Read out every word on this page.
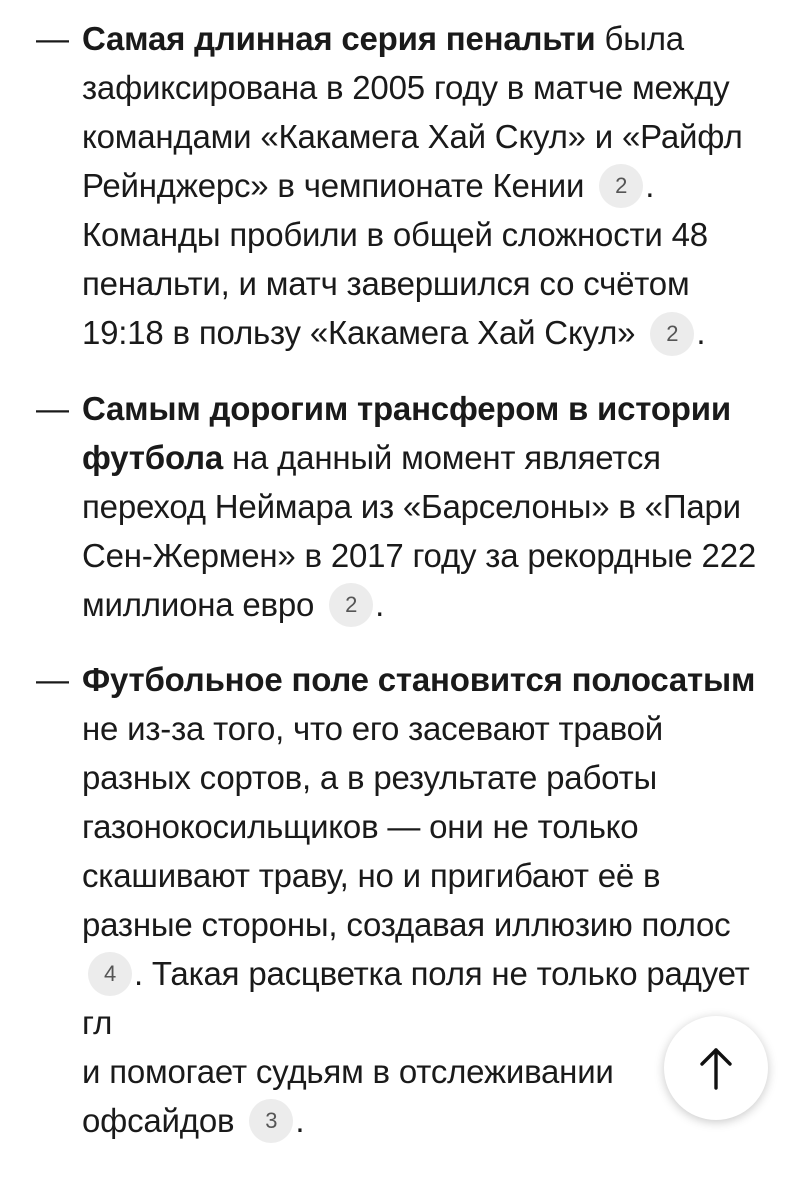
— Самая длинная серия пенальти была зафиксирована в 2005 году в матче между командами «Какамега Хай Скул» и «Райфл Рейнджерс» в чемпионате Кении 2 . Команды пробили в общей сложности 48 пенальти, и матч завершился со счётом 19:18 в пользу «Какамега Хай Скул» 2 .

— Самым дорогим трансфером в истории футбола на данный момент является переход Неймара из «Барселоны» в «Пари Сен-Жермен» в 2017 году за рекордные 222 миллиона евро 2 .

— Футбольное поле становится полосатым не из-за того, что его засевают травой разных сортов, а в результате работы газонокосильщиков — они не только скашивают траву, но и пригибают её в разные стороны, создавая иллюзию полос 4 . Такая расцветка поля не только радует гл
и помогает судьям в отслеживании
офсайдов 3 .
